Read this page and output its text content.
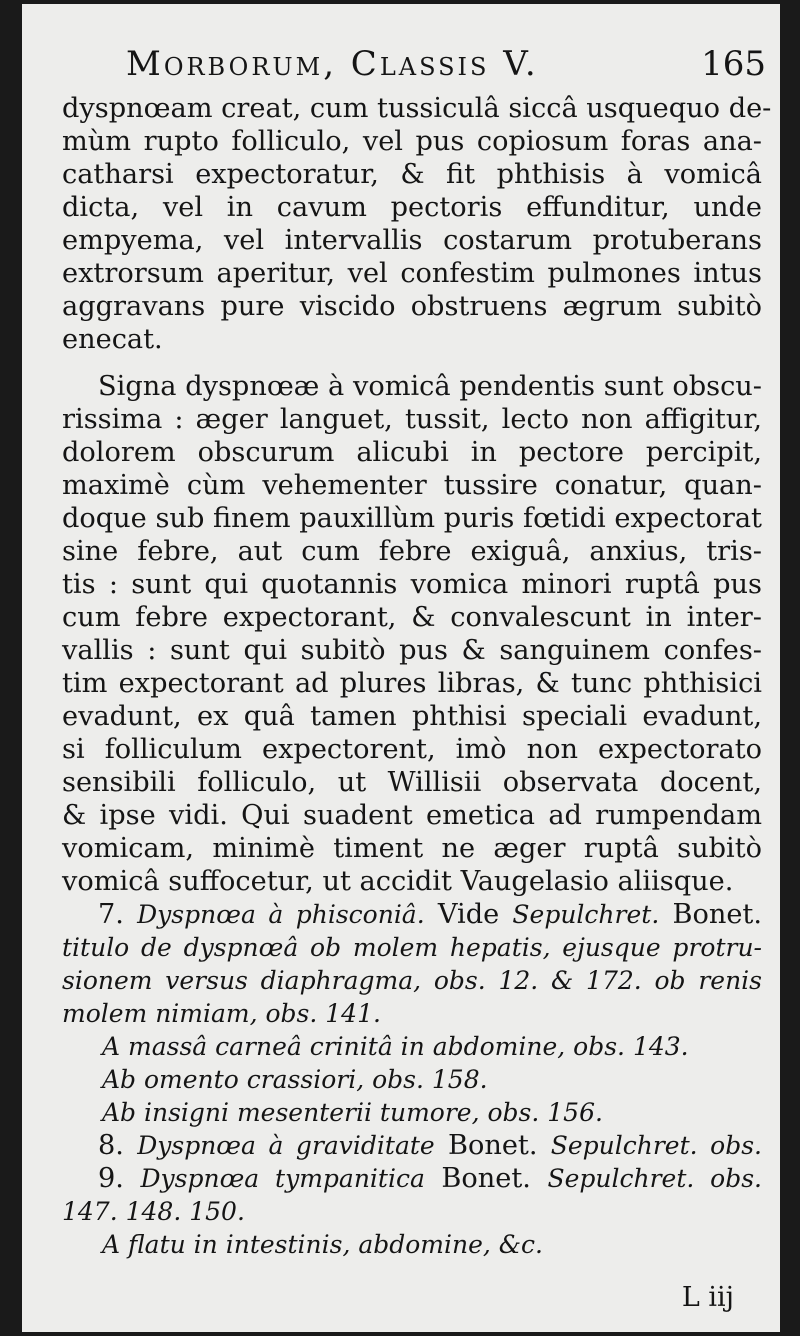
Morborum, Classis V.	165
dyspnœam creat, cum tussiculâ siccâ usquequo de-
mùm rupto folliculo, vel pus copiosum foras ana-
catharsi expectoratur, & fit phthisis à vomicâ
dicta, vel in cavum pectoris effunditur, unde
empyema, vel intervallis costarum protuberans
extrorsum aperitur, vel confestim pulmones intus
aggravans pure viscido obstruens ægrum subitò
enecat.
Signa dyspnœæ à vomicâ pendentis sunt obscu-
rissima : æger languet, tussit, lecto non affigitur,
dolorem obscurum alicubi in pectore percipit,
maximè cùm vehementer tussire conatur, quan-
doque sub finem pauxillùm puris fœtidi expectorat
sine febre, aut cum febre exiguâ, anxius, tris-
tis : sunt qui quotannis vomica minori ruptâ pus
cum febre expectorant, & convalescunt in inter-
vallis : sunt qui subitò pus & sanguinem confes-
tim expectorant ad plures libras, & tunc phthisici
evadunt, ex quâ tamen phthisi speciali evadunt,
si folliculum expectorent, imò non expectorato
sensibili folliculo, ut Willisii observata docent,
& ipse vidi. Qui suadent emetica ad rumpendam
vomicam, minimè timent ne æger ruptâ subitò
vomicâ suffocetur, ut accidit Vaugelasio aliisque.
7. Dyspnœa à phisconiâ. Vide Sepulchret. Bonet.
titulo de dyspnœâ ob molem hepatis, ejusque protru-
sionem versus diaphragma, obs. 12. & 172. ob renis
molem nimiam, obs. 141.
A massâ carneâ crinitâ in abdomine, obs. 143.
Ab omento crassiori, obs. 158.
Ab insigni mesenterii tumore, obs. 156.
8. Dyspnœa à graviditate Bonet. Sepulchret. obs.
9. Dyspnœa tympanitica Bonet. Sepulchret. obs.
147. 148. 150.
A flatu in intestinis, abdomine, &c.
L iij
